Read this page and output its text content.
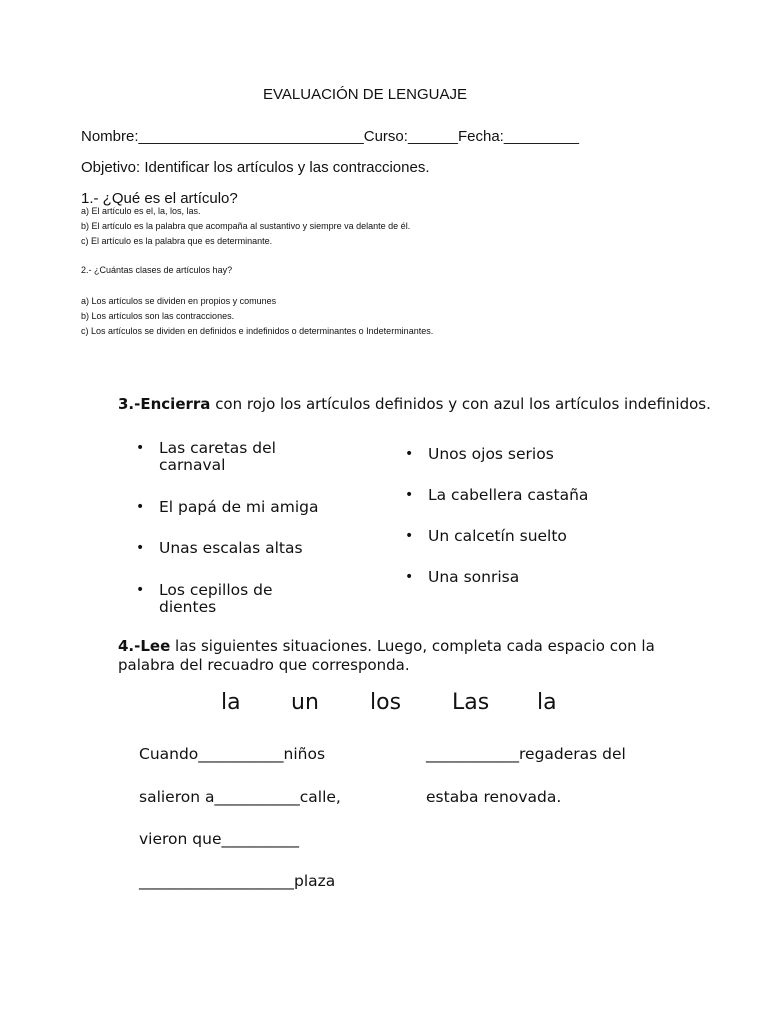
EVALUACIÓN DE LENGUAJE
Nombre:___________________________Curso:______Fecha:_________
Objetivo: Identificar los artículos y las contracciones.
1.- ¿Qué es el artículo?
a) El artículo es el, la, los, las.
b) El artículo es la palabra que acompaña al sustantivo y siempre va delante de él.
c) El artículo es la palabra que es determinante.
2.- ¿Cuántas clases de artículos hay?
a) Los artículos se dividen en propios y comunes
b) Los artículos son las contracciones.
c) Los artículos se dividen en definidos e indefinidos o determinantes o Indeterminantes.
3.-Encierra con rojo los artículos definidos y con azul los artículos indefinidos.
• Las caretas del carnaval
• El papá de mi amiga
• Unas escalas altas
• Los cepillos de dientes
• Unos ojos serios
• La cabellera castaña
• Un calcetín suelto
• Una sonrisa
4.-Lee las siguientes situaciones. Luego, completa cada espacio con la palabra del recuadro que corresponda.
la un los Las la
Cuando___________niños
salieron a___________calle,
vieron que__________
____________________plaza
____________regaderas del
estaba renovada.
